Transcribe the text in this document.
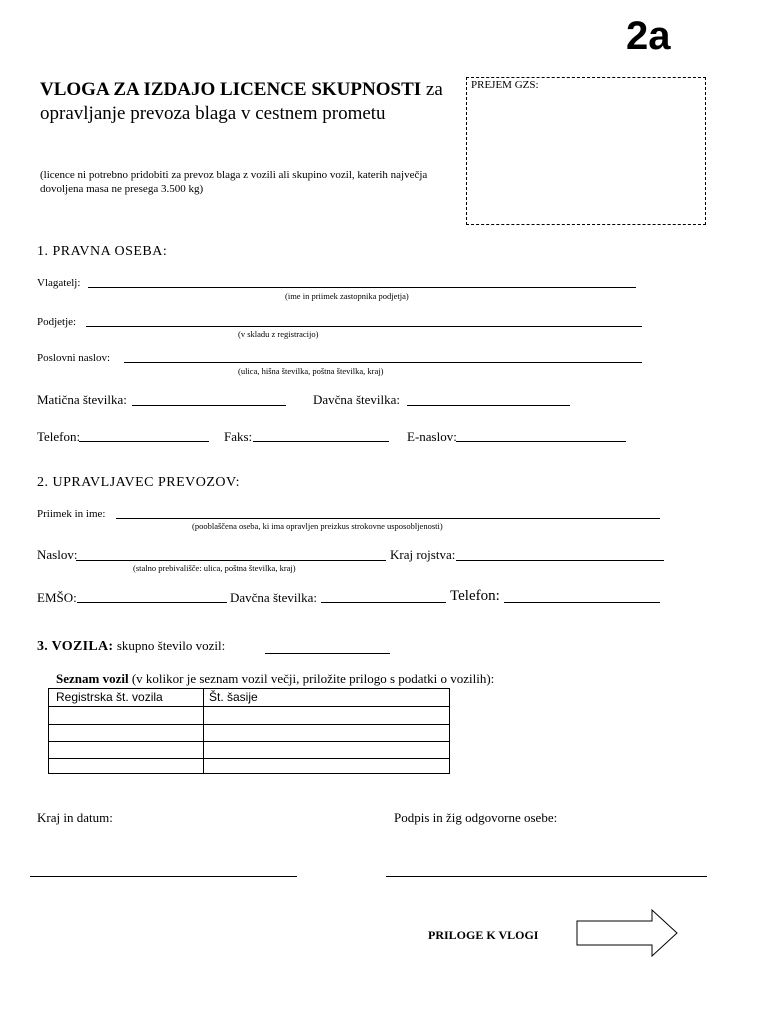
2a
VLOGA ZA IZDAJO LICENCE SKUPNOSTI za opravljanje prevoza blaga v cestnem prometu
(licence ni potrebno pridobiti za prevoz blaga z vozili ali skupino vozil, katerih največja dovoljena masa ne presega 3.500 kg)
PREJEM GZS:
1. PRAVNA OSEBA:
Vlagatelj:
(ime in priimek zastopnika podjetja)
Podjetje:
(v skladu z registracijo)
Poslovni naslov:
(ulica, hišna številka, poštna številka, kraj)
Matična številka:	Davčna številka:
Telefon:	Faks:	E-naslov:
2. UPRAVLJAVEC PREVOZOV:
Priimek in ime:
(pooblaščena oseba, ki ima opravljen preizkus strokovne usposobljenosti)
Naslov:
(stalno prebivališče: ulica, poštna številka, kraj)
Kraj rojstva:
EMŠO:	Davčna številka:	Telefon:
3. VOZILA: skupno število vozil:
Seznam vozil (v kolikor je seznam vozil večji, priložite prilogo s podatki o vozilih):
Registrska št. vozila	Št. šasije
Kraj in datum:	Podpis in žig odgovorne osebe:
PRILOGE K VLOGI
